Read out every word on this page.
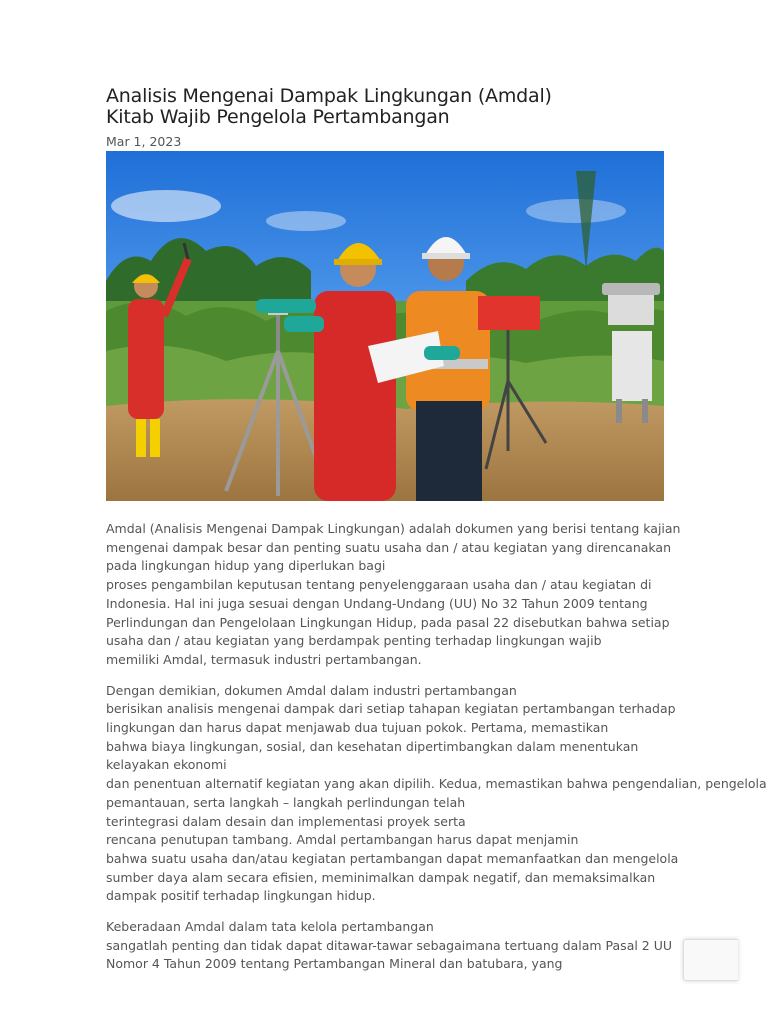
Analisis Mengenai Dampak Lingkungan (Amdal)
Kitab Wajib Pengelola Pertambangan
Mar 1, 2023

Amdal (Analisis Mengenai Dampak Lingkungan) adalah dokumen yang berisi tentang kajian
mengenai dampak besar dan penting suatu usaha dan / atau kegiatan yang direncanakan
pada lingkungan hidup yang diperlukan bagi
proses pengambilan keputusan tentang penyelenggaraan usaha dan / atau kegiatan di
Indonesia. Hal ini juga sesuai dengan Undang-Undang (UU) No 32 Tahun 2009 tentang
Perlindungan dan Pengelolaan Lingkungan Hidup, pada pasal 22 disebutkan bahwa setiap
usaha dan / atau kegiatan yang berdampak penting terhadap lingkungan wajib
memiliki Amdal, termasuk industri pertambangan.

Dengan demikian, dokumen Amdal dalam industri pertambangan
berisikan analisis mengenai dampak dari setiap tahapan kegiatan pertambangan terhadap
lingkungan dan harus dapat menjawab dua tujuan pokok. Pertama, memastikan
bahwa biaya lingkungan, sosial, dan kesehatan dipertimbangkan dalam menentukan
kelayakan ekonomi
dan penentuan alternatif kegiatan yang akan dipilih. Kedua, memastikan bahwa pengendalian, pengelola
pemantauan, serta langkah – langkah perlindungan telah
terintegrasi dalam desain dan implementasi proyek serta
rencana penutupan tambang. Amdal pertambangan harus dapat menjamin
bahwa suatu usaha dan/atau kegiatan pertambangan dapat memanfaatkan dan mengelola
sumber daya alam secara efisien, meminimalkan dampak negatif, dan memaksimalkan
dampak positif terhadap lingkungan hidup.

Keberadaan Amdal dalam tata kelola pertambangan
sangatlah penting dan tidak dapat ditawar-tawar sebagaimana tertuang dalam Pasal 2 UU
Nomor 4 Tahun 2009 tentang Pertambangan Mineral dan batubara, yang
